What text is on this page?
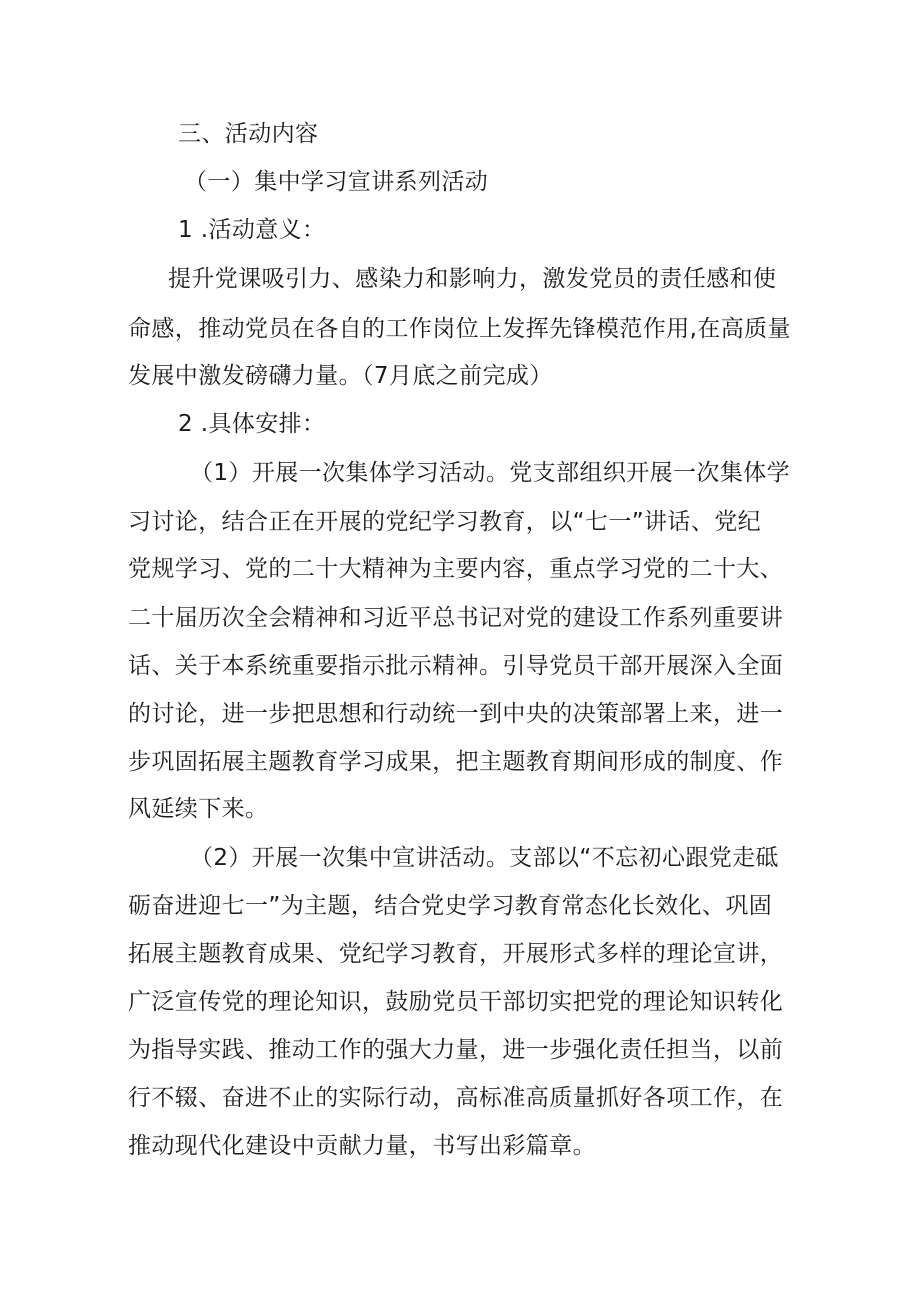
三、活动内容
（一）集中学习宣讲系列活动
1 .活动意义：
提升党课吸引力、感染力和影响力，激发党员的责任感和使
命感，推动党员在各自的工作岗位上发挥先锋模范作用,在高质量
发展中激发磅礴力量。（7月底之前完成）
2 .具体安排：
（1）开展一次集体学习活动。党支部组织开展一次集体学
习讨论，结合正在开展的党纪学习教育，以“七一”讲话、党纪
党规学习、党的二十大精神为主要内容，重点学习党的二十大、
二十届历次全会精神和习近平总书记对党的建设工作系列重要讲
话、关于本系统重要指示批示精神。引导党员干部开展深入全面
的讨论，进一步把思想和行动统一到中央的决策部署上来，进一
步巩固拓展主题教育学习成果，把主题教育期间形成的制度、作
风延续下来。
（2）开展一次集中宣讲活动。支部以“不忘初心跟党走砥
砺奋进迎七一”为主题，结合党史学习教育常态化长效化、巩固
拓展主题教育成果、党纪学习教育，开展形式多样的理论宣讲，
广泛宣传党的理论知识，鼓励党员干部切实把党的理论知识转化
为指导实践、推动工作的强大力量，进一步强化责任担当，以前
行不辍、奋进不止的实际行动，高标准高质量抓好各项工作，在
推动现代化建设中贡献力量，书写出彩篇章。
